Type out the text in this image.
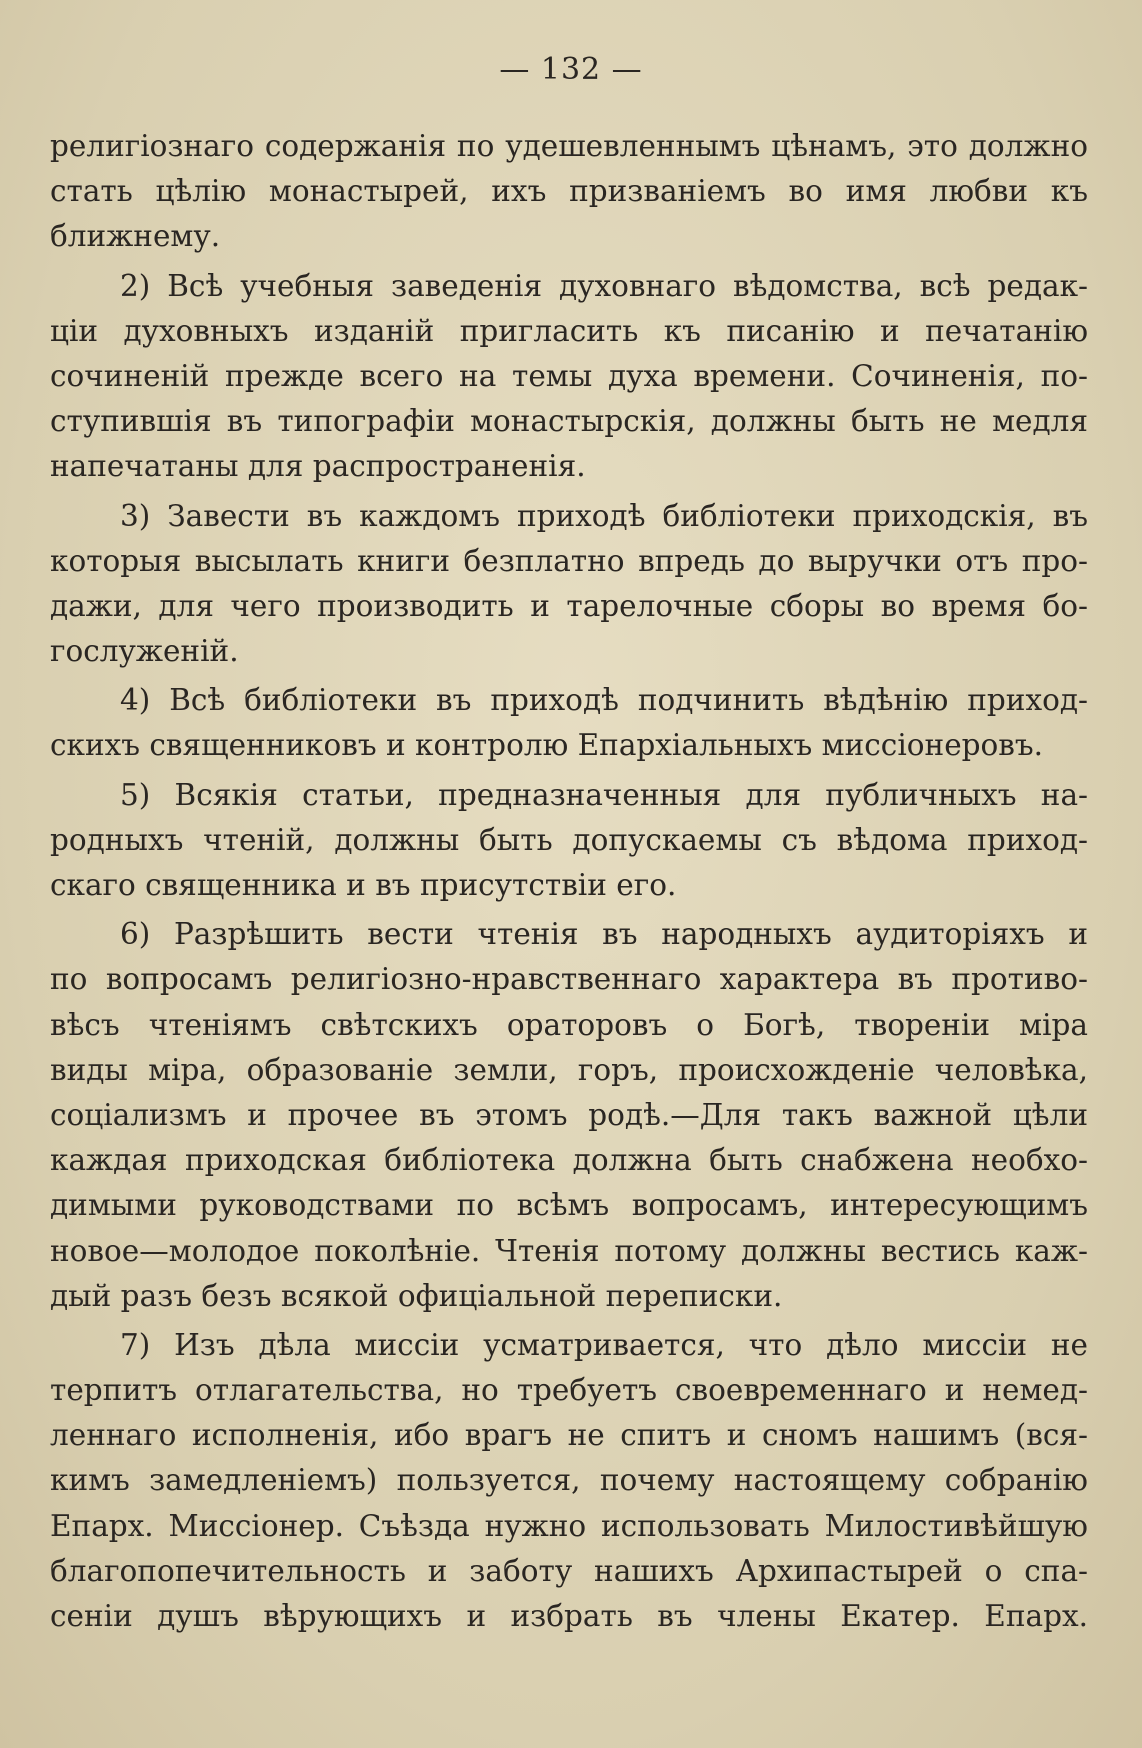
— 132 —
религiознаго содержанiя по удешевленнымъ цѣнамъ, это должно
стать цѣлiю монастырей, ихъ призванiемъ во имя любви къ
ближнему.
2) Всѣ учебныя заведенiя духовнаго вѣдомства, всѣ редак-
цiи духовныхъ изданiй пригласить къ писанiю и печатанiю
сочиненiй прежде всего на темы духа времени. Сочиненiя, по-
ступившiя въ типографiи монастырскiя, должны быть не медля
напечатаны для распространенiя.
3) Завести въ каждомъ приходѣ библiотеки приходскiя, въ
которыя высылать книги безплатно впредь до выручки отъ про-
дажи, для чего производить и тарелочные сборы во время бо-
гослуженiй.
4) Всѣ библiотеки въ приходѣ подчинить вѣдѣнiю приход-
скихъ священниковъ и контролю Епархiальныхъ миссiонеровъ.
5) Всякiя статьи, предназначенныя для публичныхъ на-
родныхъ чтенiй, должны быть допускаемы съ вѣдома приход-
скаго священника и въ присутствiи его.
6) Разрѣшить вести чтенiя въ народныхъ аудиторiяхъ и
по вопросамъ религiозно-нравственнаго характера въ противо-
вѣсъ чтенiямъ свѣтскихъ ораторовъ о Богѣ, творенiи мiра
виды мiра, образованiе земли, горъ, происхожденiе человѣка,
соцiализмъ и прочее въ этомъ родѣ.—Для такъ важной цѣли
каждая приходская библiотека должна быть снабжена необхо-
димыми руководствами по всѣмъ вопросамъ, интересующимъ
новое—молодое поколѣнiе. Чтенiя потому должны вестись каж-
дый разъ безъ всякой офицiальной переписки.
7) Изъ дѣла миссiи усматривается, что дѣло миссiи не
терпитъ отлагательства, но требуетъ своевременнаго и немед-
леннаго исполненiя, ибо врагъ не спитъ и сномъ нашимъ (вся-
кимъ замедленiемъ) пользуется, почему настоящему собранiю
Епарх. Миссiонер. Съѣзда нужно использовать Милостивѣйшую
благопопечительность и заботу нашихъ Архипастырей о спа-
сенiи душъ вѣрующихъ и избрать въ члены Екатер. Епарх.
